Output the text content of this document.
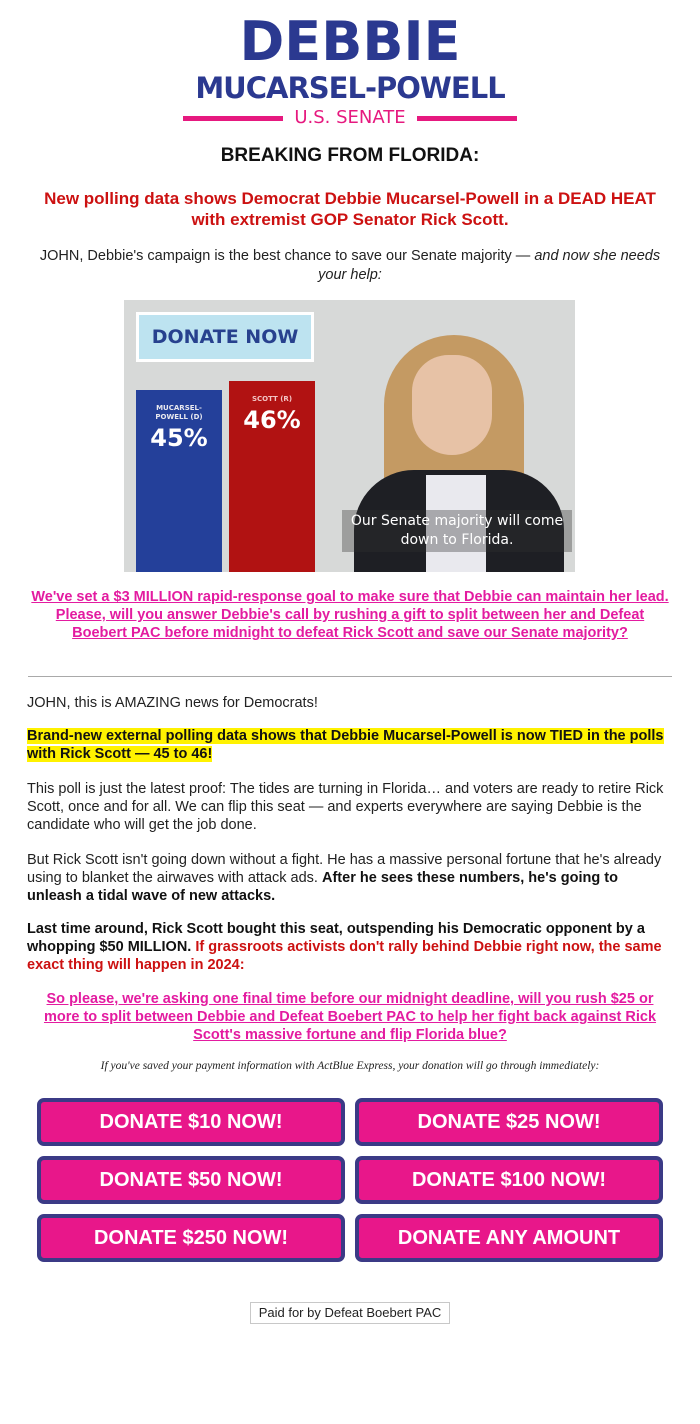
DEBBIE
MUCARSEL-POWELL
U.S. SENATE
BREAKING FROM FLORIDA:
New polling data shows Democrat Debbie Mucarsel-Powell in a DEAD HEAT with extremist GOP Senator Rick Scott.
JOHN, Debbie's campaign is the best chance to save our Senate majority — and now she needs your help:
DONATE NOW
MUCARSEL-
POWELL (D)
45%
SCOTT (R)
46%
Our Senate majority will come down to Florida.
We've set a $3 MILLION rapid-response goal to make sure that Debbie can maintain her lead. Please, will you answer Debbie's call by rushing a gift to split between her and Defeat Boebert PAC before midnight to defeat Rick Scott and save our Senate majority?
JOHN, this is AMAZING news for Democrats!
Brand-new external polling data shows that Debbie Mucarsel-Powell is now TIED in the polls with Rick Scott — 45 to 46!
This poll is just the latest proof: The tides are turning in Florida… and voters are ready to retire Rick Scott, once and for all. We can flip this seat — and experts everywhere are saying Debbie is the candidate who will get the job done.
But Rick Scott isn't going down without a fight. He has a massive personal fortune that he's already using to blanket the airwaves with attack ads. After he sees these numbers, he's going to unleash a tidal wave of new attacks.
Last time around, Rick Scott bought this seat, outspending his Democratic opponent by a whopping $50 MILLION. If grassroots activists don't rally behind Debbie right now, the same exact thing will happen in 2024:
So please, we're asking one final time before our midnight deadline, will you rush $25 or more to split between Debbie and Defeat Boebert PAC to help her fight back against Rick Scott's massive fortune and flip Florida blue?
If you've saved your payment information with ActBlue Express, your donation will go through immediately:
DONATE $10 NOW!	DONATE $25 NOW!
DONATE $50 NOW!	DONATE $100 NOW!
DONATE $250 NOW!	DONATE ANY AMOUNT
Paid for by Defeat Boebert PAC
